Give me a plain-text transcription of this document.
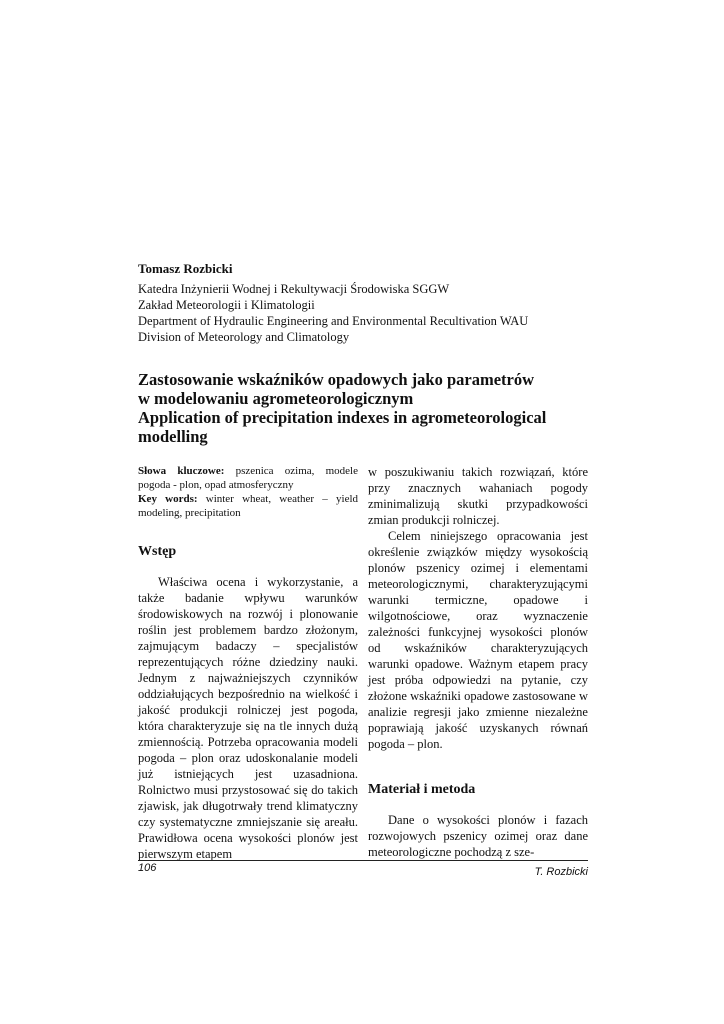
Tomasz Rozbicki
Katedra Inżynierii Wodnej i Rekultywacji Środowiska SGGW
Zakład Meteorologii i Klimatologii
Department of Hydraulic Engineering and Environmental Recultivation WAU
Division of Meteorology and Climatology
Zastosowanie wskaźników opadowych jako parametrów
w modelowaniu agrometeorologicznym
Application of precipitation indexes in agrometeorological
modelling
Słowa kluczowe: pszenica ozima, modele pogoda - plon, opad atmosferyczny
Key words: winter wheat, weather – yield modeling, precipitation
Wstęp

Właściwa ocena i wykorzystanie, a także badanie wpływu warunków środowiskowych na rozwój i plonowanie roślin jest problemem bardzo złożonym, zajmującym badaczy – specjalistów reprezentujących różne dziedziny nauki. Jednym z najważniejszych czynników oddziałujących bezpośrednio na wielkość i jakość produkcji rolniczej jest pogoda, która charakteryzuje się na tle innych dużą zmiennością. Potrzeba opracowania modeli pogoda – plon oraz udoskonalanie modeli już istniejących jest uzasadniona. Rolnictwo musi przystosować się do takich zjawisk, jak długotrwały trend klimatyczny czy systematyczne zmniejszanie się areału. Prawidłowa ocena wysokości plonów jest pierwszym etapem

w poszukiwaniu takich rozwiązań, które przy znacznych wahaniach pogody zminimalizują skutki przypadkowości zmian produkcji rolniczej.

Celem niniejszego opracowania jest określenie związków między wysokością plonów pszenicy ozimej i elementami meteorologicznymi, charakteryzującymi warunki termiczne, opadowe i wilgotnościowe, oraz wyznaczenie zależności funkcyjnej wysokości plonów od wskaźników charakteryzujących warunki opadowe. Ważnym etapem pracy jest próba odpowiedzi na pytanie, czy złożone wskaźniki opadowe zastosowane w analizie regresji jako zmienne niezależne poprawiają jakość uzyskanych równań pogoda – plon.

Materiał i metoda

Dane o wysokości plonów i fazach rozwojowych pszenicy ozimej oraz dane meteorologiczne pochodzą z sze-

106	T. Rozbicki
